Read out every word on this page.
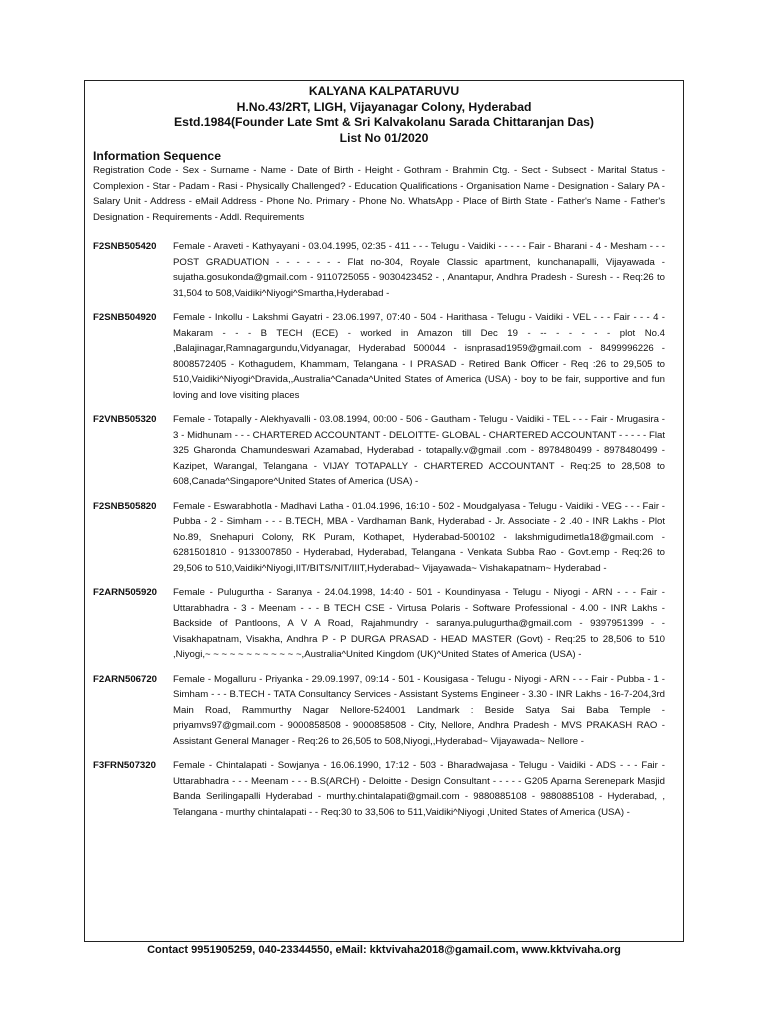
KALYANA KALPATARUVU
H.No.43/2RT, LIGH, Vijayanagar Colony, Hyderabad
Estd.1984(Founder Late Smt & Sri Kalvakolanu Sarada Chittaranjan Das)
List No 01/2020
Information Sequence
Registration Code - Sex - Surname - Name - Date of Birth - Height - Gothram - Brahmin Ctg. - Sect - Subsect - Marital Status - Complexion - Star - Padam - Rasi - Physically Challenged? - Education Qualifications - Organisation Name - Designation - Salary PA - Salary Unit - Address - eMail Address - Phone No. Primary - Phone No. WhatsApp - Place of Birth State - Father's Name - Father's Designation - Requirements - Addl. Requirements
F2SNB505420	Female - Araveti - Kathyayani - 03.04.1995, 02:35 - 411 - - - Telugu - Vaidiki - - - - - Fair - Bharani - 4 - Mesham - - - POST GRADUATION - - - - - - - Flat no-304, Royale Classic apartment, kunchanapalli, Vijayawada - sujatha.gosukonda@gmail.com - 9110725055 - 9030423452 - , Anantapur, Andhra Pradesh - Suresh - - Req:26 to 31,504 to 508,Vaidiki^Niyogi^Smartha,Hyderabad -
F2SNB504920	Female - Inkollu - Lakshmi Gayatri - 23.06.1997, 07:40 - 504 - Harithasa - Telugu - Vaidiki - VEL - - - Fair - - - 4 - Makaram - - - B TECH (ECE) - worked in Amazon till Dec 19 - -- - - - - - plot No.4 ,Balajinagar,Ramnagargundu,Vidyanagar, Hyderabad 500044 - isnprasad1959@gmail.com - 8499996226 - 8008572405 - Kothagudem, Khammam, Telangana - I PRASAD - Retired Bank Officer - Req :26 to 29,505 to 510,Vaidiki^Niyogi^Dravida,,Australia^Canada^United States of America (USA) - boy to be fair, supportive and fun loving and love visiting places
F2VNB505320	Female - Totapally - Alekhyavalli - 03.08.1994, 00:00 - 506 - Gautham - Telugu - Vaidiki - TEL - - - Fair - Mrugasira - 3 - Midhunam - - - CHARTERED ACCOUNTANT - DELOITTE- GLOBAL - CHARTERED ACCOUNTANT - - - - - Flat 325 Gharonda Chamundeswari Azamabad, Hyderabad - totapally.v@gmail .com - 8978480499 - 8978480499 - Kazipet, Warangal, Telangana - VIJAY TOTAPALLY - CHARTERED ACCOUNTANT - Req:25 to 28,508 to 608,Canada^Singapore^United States of America (USA) -
F2SNB505820	Female - Eswarabhotla - Madhavi Latha - 01.04.1996, 16:10 - 502 - Moudgalyasa - Telugu - Vaidiki - VEG - - - Fair - Pubba - 2 - Simham - - - B.TECH, MBA - Vardhaman Bank, Hyderabad - Jr. Associate - 2 .40 - INR Lakhs - Plot No.89, Snehapuri Colony, RK Puram, Kothapet, Hyderabad-500102 - lakshmigudimetla18@gmail.com - 6281501810 - 9133007850 - Hyderabad, Hyderabad, Telangana - Venkata Subba Rao - Govt.emp - Req:26 to 29,506 to 510,Vaidiki^Niyogi,IIT/BITS/NIT/IIIT,Hyderabad~ Vijayawada~ Vishakapatnam~ Hyderabad -
F2ARN505920	Female - Pulugurtha - Saranya - 24.04.1998, 14:40 - 501 - Koundinyasa - Telugu - Niyogi - ARN - - - Fair - Uttarabhadra - 3 - Meenam - - - B TECH CSE - Virtusa Polaris - Software Professional - 4.00 - INR Lakhs - Backside of Pantloons, A V A Road, Rajahmundry - saranya.pulugurtha@gmail.com - 9397951399 - - Visakhapatnam, Visakha, Andhra P - P DURGA PRASAD - HEAD MASTER (Govt) - Req:25 to 28,506 to 510 ,Niyogi,~ ~ ~ ~ ~ ~ ~ ~ ~ ~ ~ ~,Australia^United Kingdom (UK)^United States of America (USA) -
F2ARN506720	Female - Mogalluru - Priyanka - 29.09.1997, 09:14 - 501 - Kousigasa - Telugu - Niyogi - ARN - - - Fair - Pubba - 1 - Simham - - - B.TECH - TATA Consultancy Services - Assistant Systems Engineer - 3.30 - INR Lakhs - 16-7-204,3rd Main Road, Rammurthy Nagar Nellore-524001 Landmark : Beside Satya Sai Baba Temple - priyamvs97@gmail.com - 9000858508 - 9000858508 - City, Nellore, Andhra Pradesh - MVS PRAKASH RAO - Assistant General Manager - Req:26 to 26,505 to 508,Niyogi,,Hyderabad~ Vijayawada~ Nellore -
F3FRN507320	Female - Chintalapati - Sowjanya - 16.06.1990, 17:12 - 503 - Bharadwajasa - Telugu - Vaidiki - ADS - - - Fair - Uttarabhadra - - - Meenam - - - B.S(ARCH) - Deloitte - Design Consultant - - - - - G205 Aparna Serenepark Masjid Banda Serilingapalli Hyderabad - murthy.chintalapati@gmail.com - 9880885108 - 9880885108 - Hyderabad, , Telangana - murthy chintalapati - - Req:30 to 33,506 to 511,Vaidiki^Niyogi ,United States of America (USA) -
Contact 9951905259, 040-23344550, eMail: kktvivaha2018@gamail.com, www.kktvivaha.org
